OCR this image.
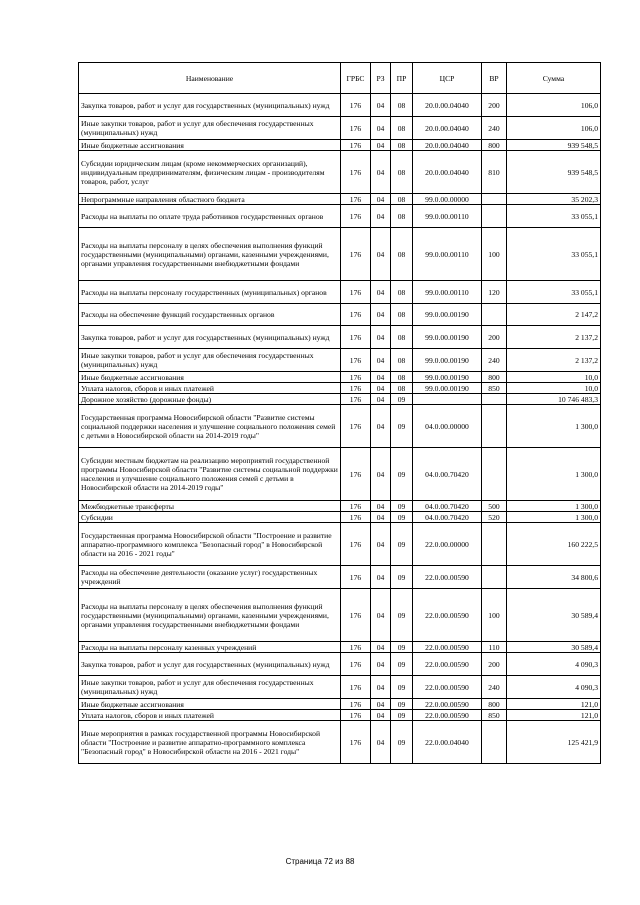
Наименование	ГРБС	РЗ	ПР	ЦСР	ВР	Сумма
Закупка товаров, работ и услуг для государственных (муниципальных) нужд	176	04	08	20.0.00.04040	200	106,0
Иные закупки товаров, работ и услуг для обеспечения государственных (муниципальных) нужд	176	04	08	20.0.00.04040	240	106,0
Иные бюджетные ассигнования	176	04	08	20.0.00.04040	800	939 548,5
Субсидии юридическим лицам (кроме некоммерческих организаций), индивидуальным предпринимателям, физическим лицам - производителям товаров, работ, услуг	176	04	08	20.0.00.04040	810	939 548,5
Непрограммные направления областного бюджета	176	04	08	99.0.00.00000		35 202,3
Расходы на выплаты по оплате труда работников государственных органов	176	04	08	99.0.00.00110		33 055,1
Расходы на выплаты персоналу в целях обеспечения выполнения функций государственными (муниципальными) органами, казенными учреждениями, органами управления государственными внебюджетными фондами	176	04	08	99.0.00.00110	100	33 055,1
Расходы на выплаты персоналу государственных (муниципальных) органов	176	04	08	99.0.00.00110	120	33 055,1
Расходы на обеспечение функций государственных органов	176	04	08	99.0.00.00190		2 147,2
Закупка товаров, работ и услуг для государственных (муниципальных) нужд	176	04	08	99.0.00.00190	200	2 137,2
Иные закупки товаров, работ и услуг для обеспечения государственных (муниципальных) нужд	176	04	08	99.0.00.00190	240	2 137,2
Иные бюджетные ассигнования	176	04	08	99.0.00.00190	800	10,0
Уплата налогов, сборов и иных платежей	176	04	08	99.0.00.00190	850	10,0
Дорожное хозяйство (дорожные фонды)	176	04	09			10 746 483,3
Государственная программа Новосибирской области "Развитие системы социальной поддержки населения и улучшение социального положения семей с детьми в Новосибирской области на 2014-2019 годы"	176	04	09	04.0.00.00000		1 300,0
Субсидии местным бюджетам на реализацию мероприятий государственной программы Новосибирской области "Развитие системы социальной поддержки населения и улучшение социального положения семей с детьми в Новосибирской области на 2014-2019 годы"	176	04	09	04.0.00.70420		1 300,0
Межбюджетные трансферты	176	04	09	04.0.00.70420	500	1 300,0
Субсидии	176	04	09	04.0.00.70420	520	1 300,0
Государственная программа Новосибирской области "Построение и развитие аппаратно-программного комплекса "Безопасный город" в Новосибирской области на 2016 - 2021 годы"	176	04	09	22.0.00.00000		160 222,5
Расходы на обеспечение деятельности (оказание услуг) государственных учреждений	176	04	09	22.0.00.00590		34 800,6
Расходы на выплаты персоналу в целях обеспечения выполнения функций государственными (муниципальными) органами, казенными учреждениями, органами управления государственными внебюджетными фондами	176	04	09	22.0.00.00590	100	30 589,4
Расходы на выплаты персоналу казенных учреждений	176	04	09	22.0.00.00590	110	30 589,4
Закупка товаров, работ и услуг для государственных (муниципальных) нужд	176	04	09	22.0.00.00590	200	4 090,3
Иные закупки товаров, работ и услуг для обеспечения государственных (муниципальных) нужд	176	04	09	22.0.00.00590	240	4 090,3
Иные бюджетные ассигнования	176	04	09	22.0.00.00590	800	121,0
Уплата налогов, сборов и иных платежей	176	04	09	22.0.00.00590	850	121,0
Иные мероприятия в рамках государственной программы Новосибирской области "Построение и развитие аппаратно-программного комплекса "Безопасный город" в Новосибирской области на 2016 - 2021 годы"	176	04	09	22.0.00.04040		125 421,9
Страница 72 из 88
